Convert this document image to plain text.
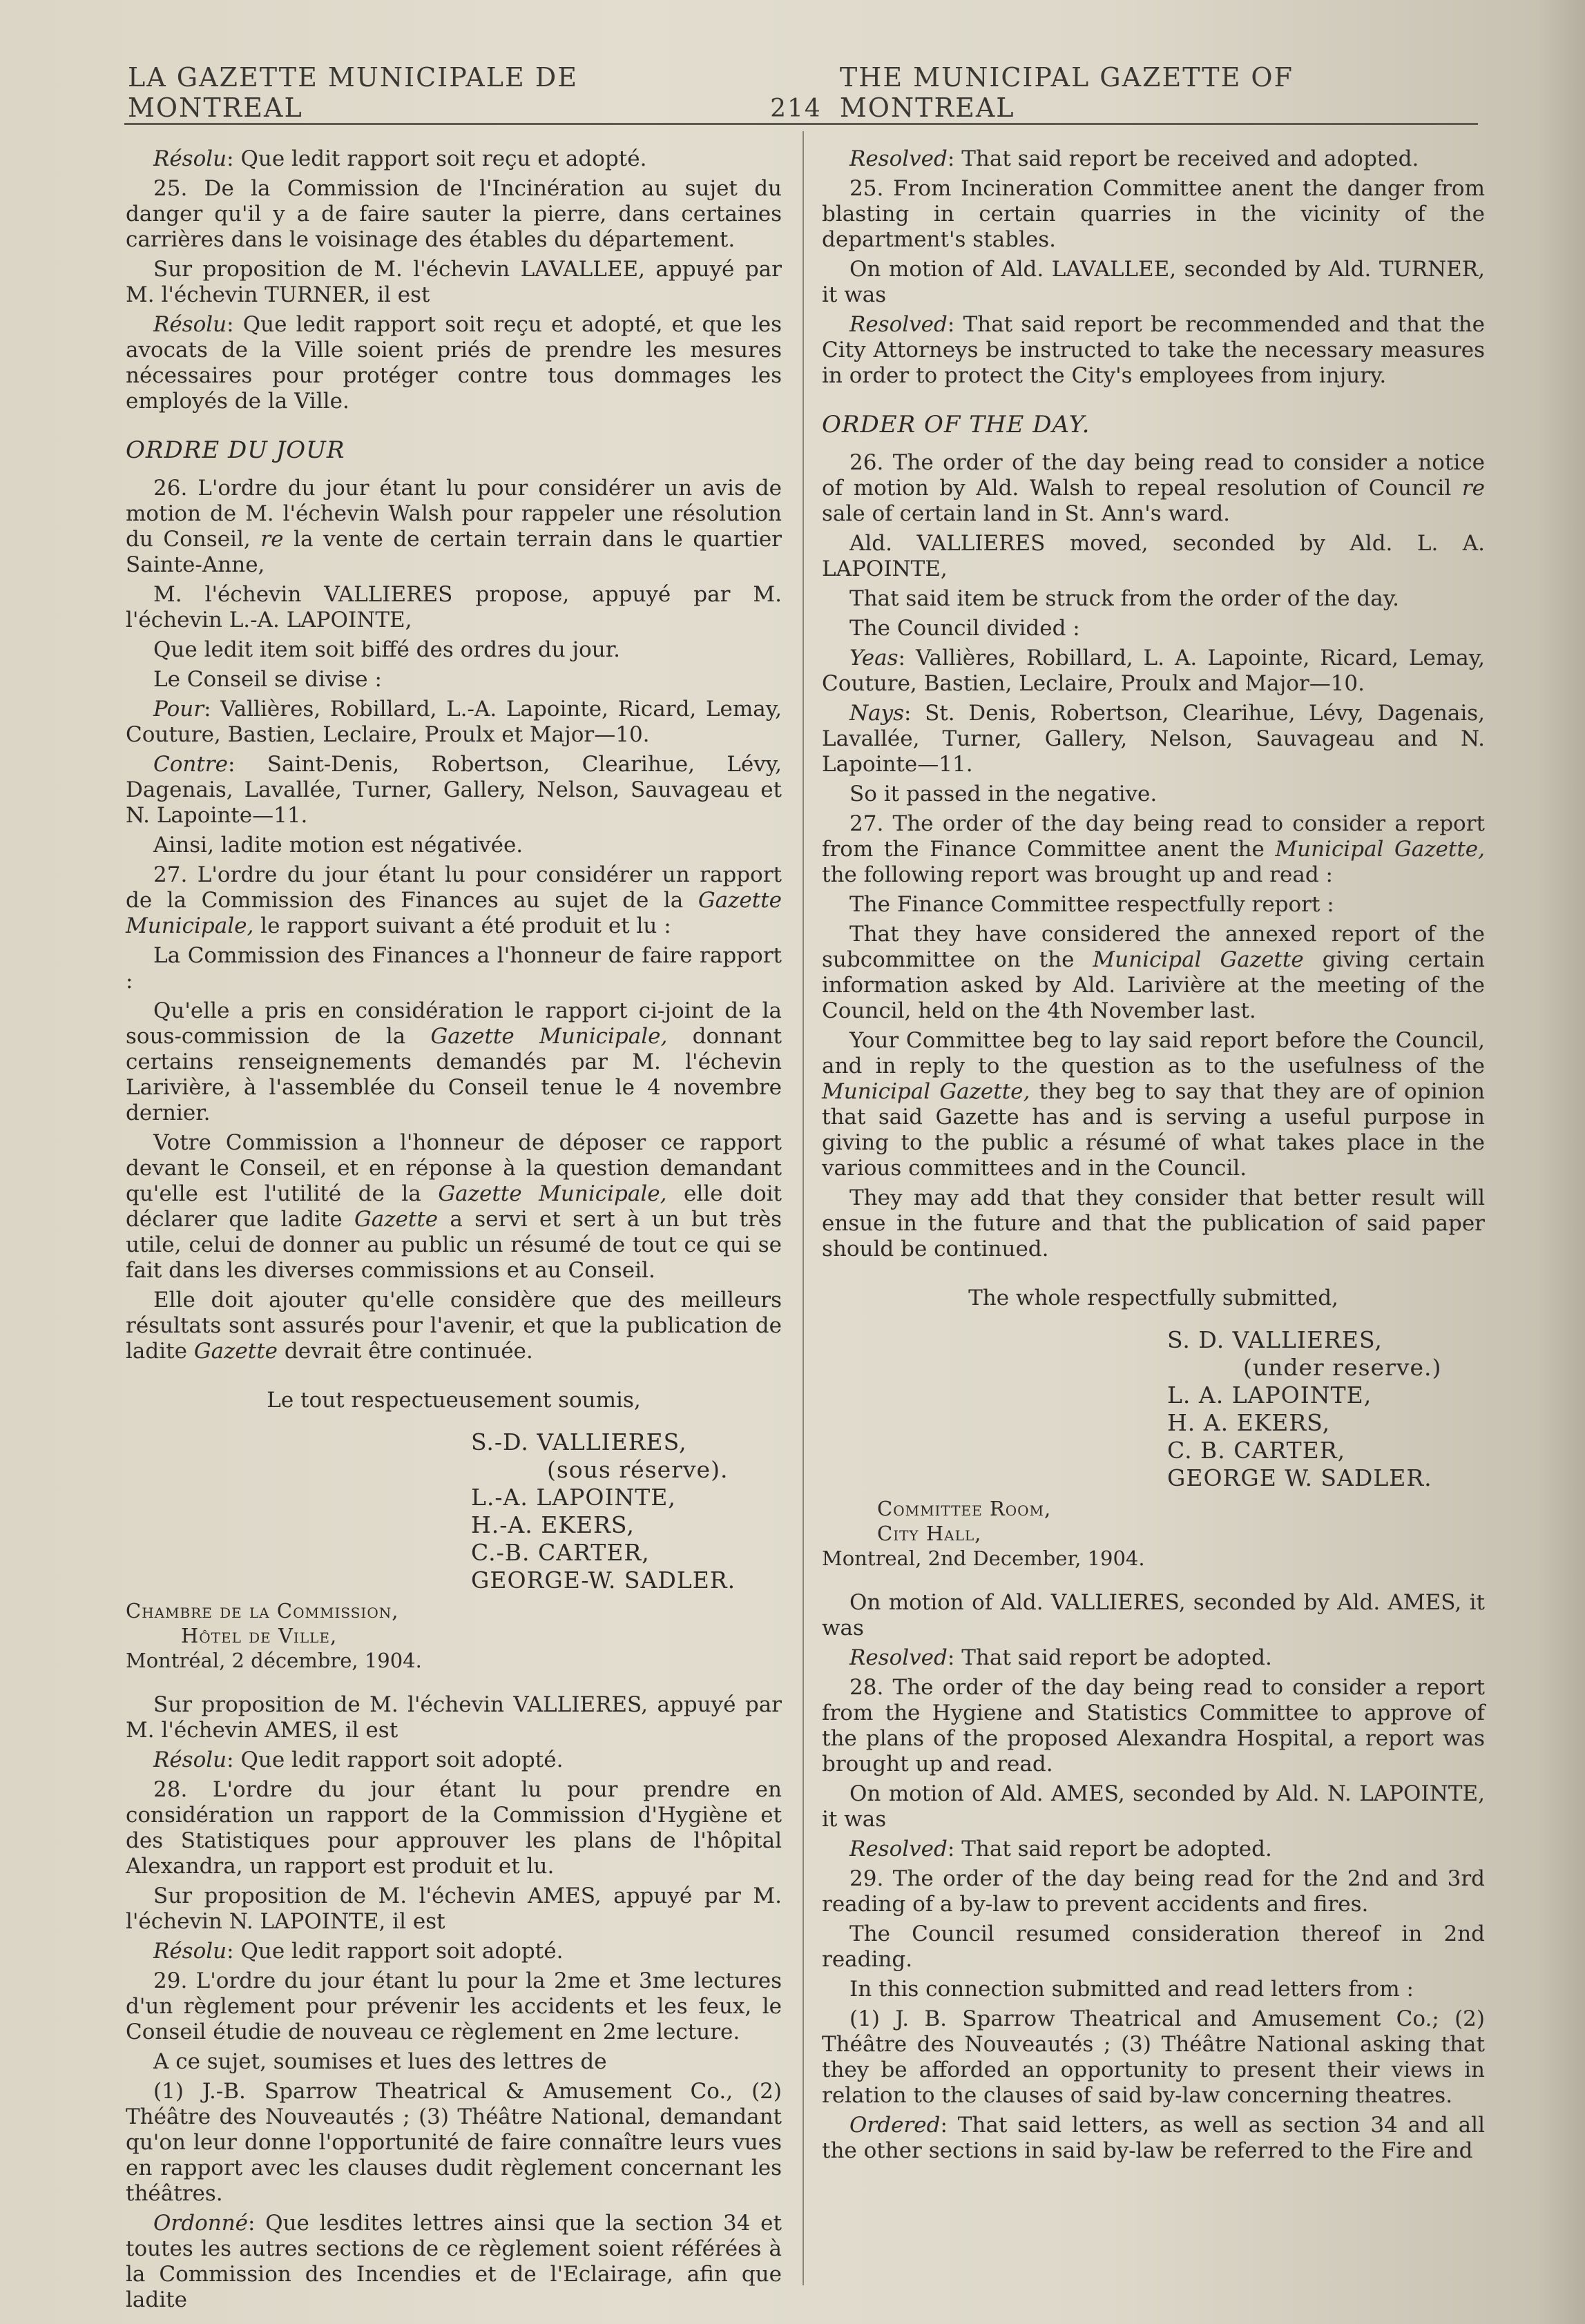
LA GAZETTE MUNICIPALE DE MONTREAL	214
THE MUNICIPAL GAZETTE OF MONTREAL

Résolu: Que ledit rapport soit reçu et adopté.

25. De la Commission de l'Incinération au sujet du danger qu'il y a de faire sauter la pierre, dans certaines carrières dans le voisinage des étables du département.

Sur proposition de M. l'échevin LAVALLEE, appuyé par M. l'échevin TURNER, il est

Résolu: Que ledit rapport soit reçu et adopté, et que les avocats de la Ville soient priés de prendre les mesures nécessaires pour protéger contre tous dommages les employés de la Ville.

ORDRE DU JOUR

26. L'ordre du jour étant lu pour considérer un avis de motion de M. l'échevin Walsh pour rappeler une résolution du Conseil, re la vente de certain terrain dans le quartier Sainte-Anne,

M. l'échevin VALLIERES propose, appuyé par M. l'échevin L.-A. LAPOINTE,

Que ledit item soit biffé des ordres du jour.

Le Conseil se divise :

Pour: Vallières, Robillard, L.-A. Lapointe, Ricard, Lemay, Couture, Bastien, Leclaire, Proulx et Major—10.

Contre: Saint-Denis, Robertson, Clearihue, Lévy, Dagenais, Lavallée, Turner, Gallery, Nelson, Sauvageau et N. Lapointe—11.

Ainsi, ladite motion est négativée.

27. L'ordre du jour étant lu pour considérer un rapport de la Commission des Finances au sujet de la Gazette Municipale, le rapport suivant a été produit et lu :

La Commission des Finances a l'honneur de faire rapport :

Qu'elle a pris en considération le rapport ci-joint de la sous-commission de la Gazette Municipale, donnant certains renseignements demandés par M. l'échevin Larivière, à l'assemblée du Conseil tenue le 4 novembre dernier.

Votre Commission a l'honneur de déposer ce rapport devant le Conseil, et en réponse à la question demandant qu'elle est l'utilité de la Gazette Municipale, elle doit déclarer que ladite Gazette a servi et sert à un but très utile, celui de donner au public un résumé de tout ce qui se fait dans les diverses commissions et au Conseil.

Elle doit ajouter qu'elle considère que des meilleurs résultats sont assurés pour l'avenir, et que la publication de ladite Gazette devrait être continuée.

Le tout respectueusement soumis,

S.-D. VALLIERES,
(sous réserve).
L.-A. LAPOINTE,
H.-A. EKERS,
C.-B. CARTER,
GEORGE-W. SADLER.
Chambre de la Commission,
Hôtel de Ville,
Montréal, 2 décembre, 1904.

Sur proposition de M. l'échevin VALLIERES, appuyé par M. l'échevin AMES, il est

Résolu: Que ledit rapport soit adopté.

28. L'ordre du jour étant lu pour prendre en considération un rapport de la Commission d'Hygiène et des Statistiques pour approuver les plans de l'hôpital Alexandra, un rapport est produit et lu.

Sur proposition de M. l'échevin AMES, appuyé par M. l'échevin N. LAPOINTE, il est

Résolu: Que ledit rapport soit adopté.

29. L'ordre du jour étant lu pour la 2me et 3me lectures d'un règlement pour prévenir les accidents et les feux, le Conseil étudie de nouveau ce règlement en 2me lecture.

A ce sujet, soumises et lues des lettres de

(1) J.-B. Sparrow Theatrical & Amusement Co., (2) Théâtre des Nouveautés ; (3) Théâtre National, demandant qu'on leur donne l'opportunité de faire connaître leurs vues en rapport avec les clauses dudit règlement concernant les théâtres.

Ordonné: Que lesdites lettres ainsi que la section 34 et toutes les autres sections de ce règlement soient référées à la Commission des Incendies et de l'Eclairage, afin que ladite

Resolved: That said report be received and adopted.

25. From Incineration Committee anent the danger from blasting in certain quarries in the vicinity of the department's stables.

On motion of Ald. LAVALLEE, seconded by Ald. TURNER, it was

Resolved: That said report be recommended and that the City Attorneys be instructed to take the necessary measures in order to protect the City's employees from injury.

ORDER OF THE DAY.

26. The order of the day being read to consider a notice of motion by Ald. Walsh to repeal resolution of Council re sale of certain land in St. Ann's ward.

Ald. VALLIERES moved, seconded by Ald. L. A. LAPOINTE,

That said item be struck from the order of the day.

The Council divided :

Yeas: Vallières, Robillard, L. A. Lapointe, Ricard, Lemay, Couture, Bastien, Leclaire, Proulx and Major—10.

Nays: St. Denis, Robertson, Clearihue, Lévy, Dagenais, Lavallée, Turner, Gallery, Nelson, Sauvageau and N. Lapointe—11.

So it passed in the negative.

27. The order of the day being read to consider a report from the Finance Committee anent the Municipal Gazette, the following report was brought up and read :

The Finance Committee respectfully report :

That they have considered the annexed report of the subcommittee on the Municipal Gazette giving certain information asked by Ald. Larivière at the meeting of the Council, held on the 4th November last.

Your Committee beg to lay said report before the Council, and in reply to the question as to the usefulness of the Municipal Gazette, they beg to say that they are of opinion that said Gazette has and is serving a useful purpose in giving to the public a résumé of what takes place in the various committees and in the Council.

They may add that they consider that better result will ensue in the future and that the publication of said paper should be continued.

The whole respectfully submitted,

S. D. VALLIERES,
(under reserve.)
L. A. LAPOINTE,
H. A. EKERS,
C. B. CARTER,
GEORGE W. SADLER.
Committee Room,
City Hall,
Montreal, 2nd December, 1904.

On motion of Ald. VALLIERES, seconded by Ald. AMES, it was

Resolved: That said report be adopted.

28. The order of the day being read to consider a report from the Hygiene and Statistics Committee to approve of the plans of the proposed Alexandra Hospital, a report was brought up and read.

On motion of Ald. AMES, seconded by Ald. N. LAPOINTE, it was

Resolved: That said report be adopted.

29. The order of the day being read for the 2nd and 3rd reading of a by-law to prevent accidents and fires.

The Council resumed consideration thereof in 2nd reading.

In this connection submitted and read letters from :

(1) J. B. Sparrow Theatrical and Amusement Co.; (2) Théâtre des Nouveautés ; (3) Théâtre National asking that they be afforded an opportunity to present their views in relation to the clauses of said by-law concerning theatres.

Ordered: That said letters, as well as section 34 and all the other sections in said by-law be referred to the Fire and
